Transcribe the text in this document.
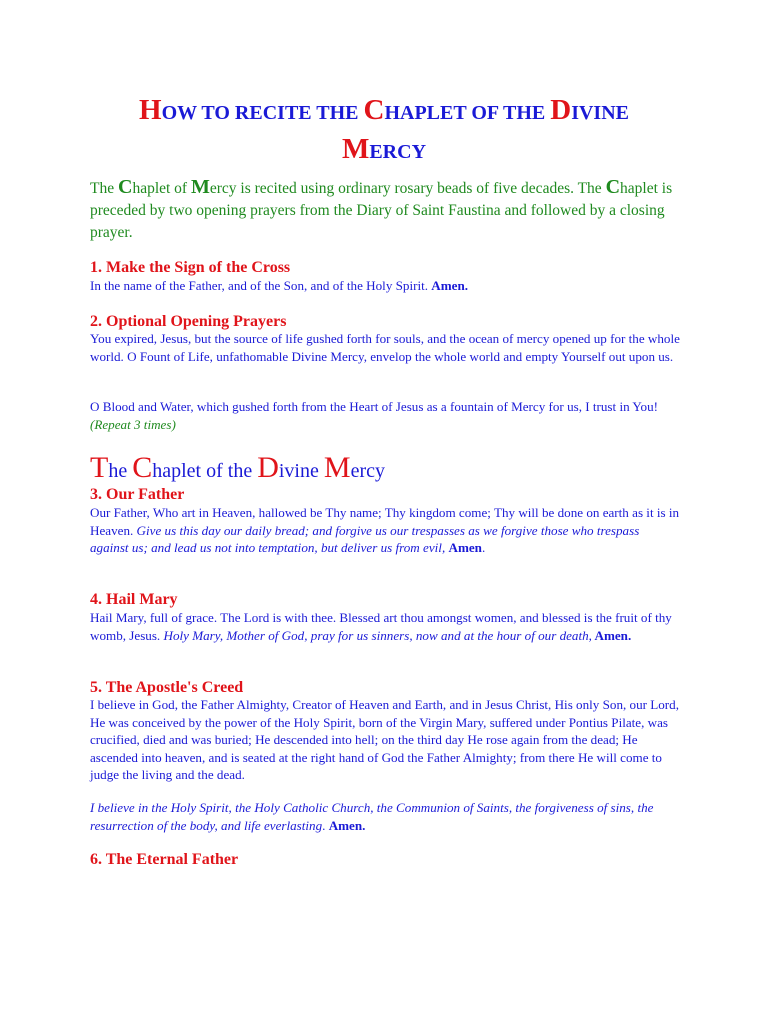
HOW TO RECITE THE CHAPLET OF THE DIVINE
MERCY

The Chaplet of Mercy is recited using ordinary rosary beads of five decades. The Chaplet is preceded by two opening prayers from the Diary of Saint Faustina and followed by a closing prayer.

1. Make the Sign of the Cross

In the name of the Father, and of the Son, and of the Holy Spirit. Amen.

2. Optional Opening Prayers

You expired, Jesus, but the source of life gushed forth for souls, and the ocean of mercy opened up for the whole world. O Fount of Life, unfathomable Divine Mercy, envelop the whole world and empty Yourself out upon us.

O Blood and Water, which gushed forth from the Heart of Jesus as a fountain of Mercy for us, I trust in You! (Repeat 3 times)

The Chaplet of the Divine Mercy
3. Our Father

Our Father, Who art in Heaven, hallowed be Thy name; Thy kingdom come; Thy will be done on earth as it is in Heaven. Give us this day our daily bread; and forgive us our trespasses as we forgive those who trespass against us; and lead us not into temptation, but deliver us from evil, Amen.

4. Hail Mary

Hail Mary, full of grace. The Lord is with thee. Blessed art thou amongst women, and blessed is the fruit of thy womb, Jesus. Holy Mary, Mother of God, pray for us sinners, now and at the hour of our death, Amen.

5. The Apostle's Creed

I believe in God, the Father Almighty, Creator of Heaven and Earth, and in Jesus Christ, His only Son, our Lord, He was conceived by the power of the Holy Spirit, born of the Virgin Mary, suffered under Pontius Pilate, was crucified, died and was buried; He descended into hell; on the third day He rose again from the dead; He ascended into heaven, and is seated at the right hand of God the Father Almighty; from there He will come to judge the living and the dead.

I believe in the Holy Spirit, the Holy Catholic Church, the Communion of Saints, the forgiveness of sins, the resurrection of the body, and life everlasting. Amen.

6. The Eternal Father
